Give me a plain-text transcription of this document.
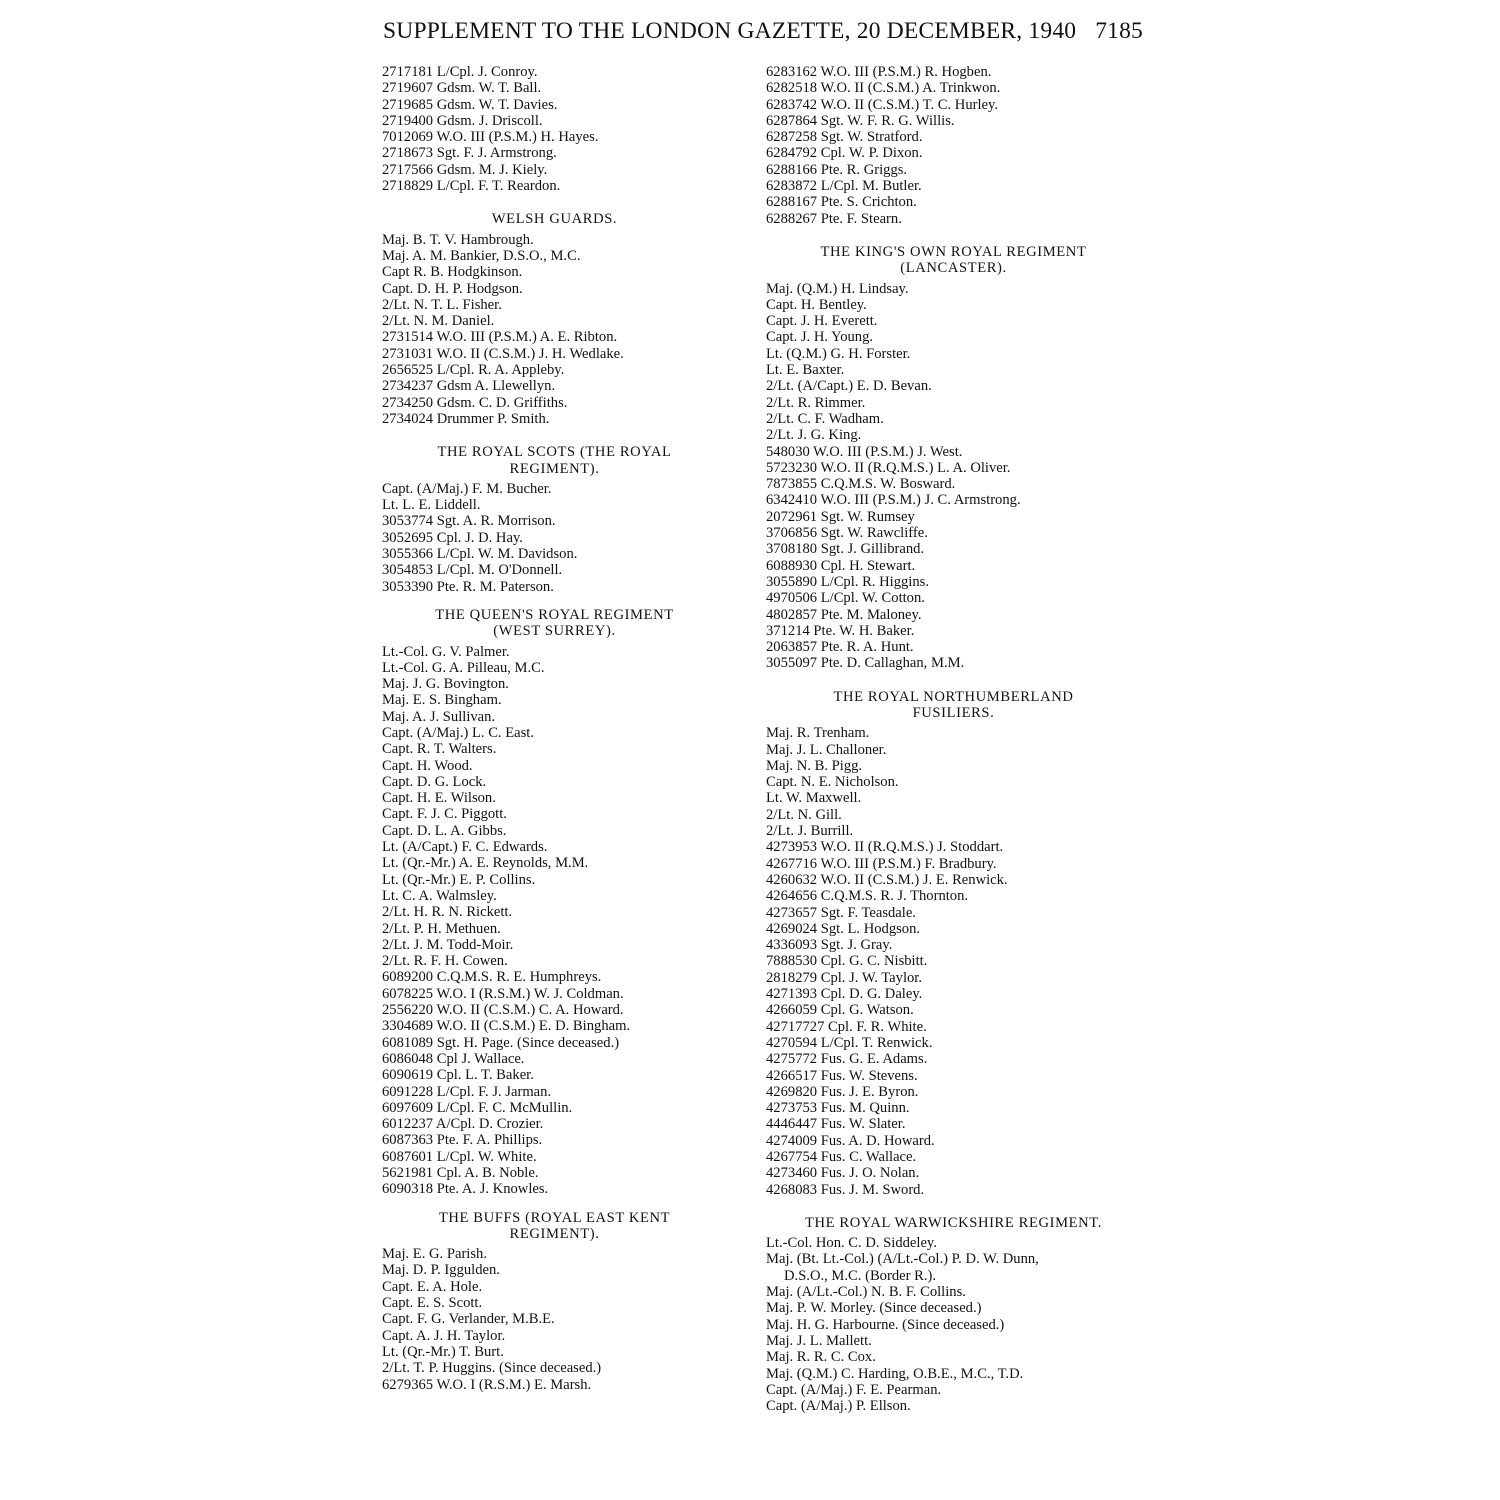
SUPPLEMENT TO THE LONDON GAZETTE, 20 DECEMBER, 1940 7185
2717181 L/Cpl. J. Conroy.
2719607 Gdsm. W. T. Ball.
2719685 Gdsm. W. T. Davies.
2719400 Gdsm. J. Driscoll.
7012069 W.O. III (P.S.M.) H. Hayes.
2718673 Sgt. F. J. Armstrong.
2717566 Gdsm. M. J. Kiely.
2718829 L/Cpl. F. T. Reardon.
WELSH GUARDS.
Maj. B. T. V. Hambrough.
Maj. A. M. Bankier, D.S.O., M.C.
Capt R. B. Hodgkinson.
Capt. D. H. P. Hodgson.
2/Lt. N. T. L. Fisher.
2/Lt. N. M. Daniel.
2731514 W.O. III (P.S.M.) A. E. Ribton.
2731031 W.O. II (C.S.M.) J. H. Wedlake.
2656525 L/Cpl. R. A. Appleby.
2734237 Gdsm A. Llewellyn.
2734250 Gdsm. C. D. Griffiths.
2734024 Drummer P. Smith.
THE ROYAL SCOTS (THE ROYAL
REGIMENT).
Capt. (A/Maj.) F. M. Bucher.
Lt. L. E. Liddell.
3053774 Sgt. A. R. Morrison.
3052695 Cpl. J. D. Hay.
3055366 L/Cpl. W. M. Davidson.
3054853 L/Cpl. M. O'Donnell.
3053390 Pte. R. M. Paterson.
THE QUEEN'S ROYAL REGIMENT
(WEST SURREY).
Lt.-Col. G. V. Palmer.
Lt.-Col. G. A. Pilleau, M.C.
Maj. J. G. Bovington.
Maj. E. S. Bingham.
Maj. A. J. Sullivan.
Capt. (A/Maj.) L. C. East.
Capt. R. T. Walters.
Capt. H. Wood.
Capt. D. G. Lock.
Capt. H. E. Wilson.
Capt. F. J. C. Piggott.
Capt. D. L. A. Gibbs.
Lt. (A/Capt.) F. C. Edwards.
Lt. (Qr.-Mr.) A. E. Reynolds, M.M.
Lt. (Qr.-Mr.) E. P. Collins.
Lt. C. A. Walmsley.
2/Lt. H. R. N. Rickett.
2/Lt. P. H. Methuen.
2/Lt. J. M. Todd-Moir.
2/Lt. R. F. H. Cowen.
6089200 C.Q.M.S. R. E. Humphreys.
6078225 W.O. I (R.S.M.) W. J. Coldman.
2556220 W.O. II (C.S.M.) C. A. Howard.
3304689 W.O. II (C.S.M.) E. D. Bingham.
6081089 Sgt. H. Page. (Since deceased.)
6086048 Cpl J. Wallace.
6090619 Cpl. L. T. Baker.
6091228 L/Cpl. F. J. Jarman.
6097609 L/Cpl. F. C. McMullin.
6012237 A/Cpl. D. Crozier.
6087363 Pte. F. A. Phillips.
6087601 L/Cpl. W. White.
5621981 Cpl. A. B. Noble.
6090318 Pte. A. J. Knowles.
THE BUFFS (ROYAL EAST KENT
REGIMENT).
Maj. E. G. Parish.
Maj. D. P. Iggulden.
Capt. E. A. Hole.
Capt. E. S. Scott.
Capt. F. G. Verlander, M.B.E.
Capt. A. J. H. Taylor.
Lt. (Qr.-Mr.) T. Burt.
2/Lt. T. P. Huggins. (Since deceased.)
6279365 W.O. I (R.S.M.) E. Marsh.
6283162 W.O. III (P.S.M.) R. Hogben.
6282518 W.O. II (C.S.M.) A. Trinkwon.
6283742 W.O. II (C.S.M.) T. C. Hurley.
6287864 Sgt. W. F. R. G. Willis.
6287258 Sgt. W. Stratford.
6284792 Cpl. W. P. Dixon.
6288166 Pte. R. Griggs.
6283872 L/Cpl. M. Butler.
6288167 Pte. S. Crichton.
6288267 Pte. F. Stearn.
THE KING'S OWN ROYAL REGIMENT
(LANCASTER).
Maj. (Q.M.) H. Lindsay.
Capt. H. Bentley.
Capt. J. H. Everett.
Capt. J. H. Young.
Lt. (Q.M.) G. H. Forster.
Lt. E. Baxter.
2/Lt. (A/Capt.) E. D. Bevan.
2/Lt. R. Rimmer.
2/Lt. C. F. Wadham.
2/Lt. J. G. King.
548030 W.O. III (P.S.M.) J. West.
5723230 W.O. II (R.Q.M.S.) L. A. Oliver.
7873855 C.Q.M.S. W. Bosward.
6342410 W.O. III (P.S.M.) J. C. Armstrong.
2072961 Sgt. W. Rumsey
3706856 Sgt. W. Rawcliffe.
3708180 Sgt. J. Gillibrand.
6088930 Cpl. H. Stewart.
3055890 L/Cpl. R. Higgins.
4970506 L/Cpl. W. Cotton.
4802857 Pte. M. Maloney.
371214 Pte. W. H. Baker.
2063857 Pte. R. A. Hunt.
3055097 Pte. D. Callaghan, M.M.
THE ROYAL NORTHUMBERLAND
FUSILIERS.
Maj. R. Trenham.
Maj. J. L. Challoner.
Maj. N. B. Pigg.
Capt. N. E. Nicholson.
Lt. W. Maxwell.
2/Lt. N. Gill.
2/Lt. J. Burrill.
4273953 W.O. II (R.Q.M.S.) J. Stoddart.
4267716 W.O. III (P.S.M.) F. Bradbury.
4260632 W.O. II (C.S.M.) J. E. Renwick.
4264656 C.Q.M.S. R. J. Thornton.
4273657 Sgt. F. Teasdale.
4269024 Sgt. L. Hodgson.
4336093 Sgt. J. Gray.
7888530 Cpl. G. C. Nisbitt.
2818279 Cpl. J. W. Taylor.
4271393 Cpl. D. G. Daley.
4266059 Cpl. G. Watson.
42717727 Cpl. F. R. White.
4270594 L/Cpl. T. Renwick.
4275772 Fus. G. E. Adams.
4266517 Fus. W. Stevens.
4269820 Fus. J. E. Byron.
4273753 Fus. M. Quinn.
4446447 Fus. W. Slater.
4274009 Fus. A. D. Howard.
4267754 Fus. C. Wallace.
4273460 Fus. J. O. Nolan.
4268083 Fus. J. M. Sword.
THE ROYAL WARWICKSHIRE REGIMENT.
Lt.-Col. Hon. C. D. Siddeley.
Maj. (Bt. Lt.-Col.) (A/Lt.-Col.) P. D. W. Dunn,
D.S.O., M.C. (Border R.).
Maj. (A/Lt.-Col.) N. B. F. Collins.
Maj. P. W. Morley. (Since deceased.)
Maj. H. G. Harbourne. (Since deceased.)
Maj. J. L. Mallett.
Maj. R. R. C. Cox.
Maj. (Q.M.) C. Harding, O.B.E., M.C., T.D.
Capt. (A/Maj.) F. E. Pearman.
Capt. (A/Maj.) P. Ellson.
